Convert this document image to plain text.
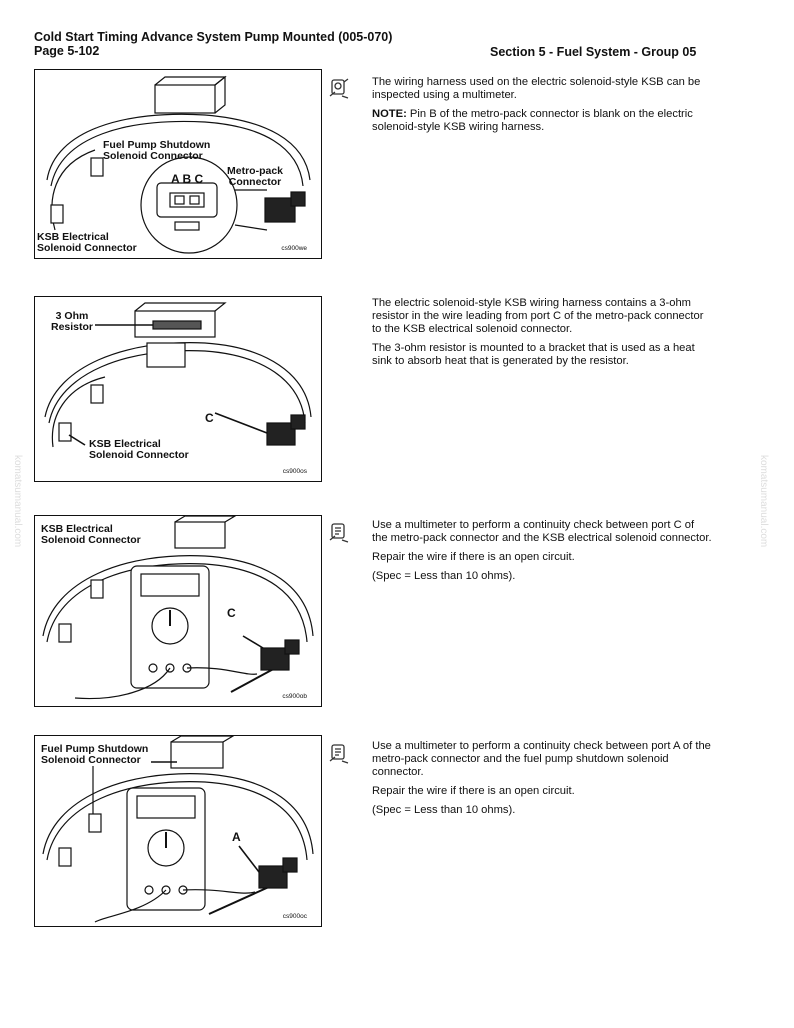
Cold Start Timing Advance System Pump Mounted (005-070)
Page 5-102	Section 5 - Fuel System - Group 05
komatsumanual.com	komatsumanual.com
Fuel Pump Shutdown
Solenoid Connector
A B C
Metro-pack
Connector
KSB Electrical
Solenoid Connector	cs900we

The wiring harness used on the electric solenoid-style KSB can be inspected using a multimeter.

NOTE: Pin B of the metro-pack connector is blank on the electric solenoid-style KSB wiring harness.

3 Ohm
Resistor
C
KSB Electrical
Solenoid Connector
cs900os

The electric solenoid-style KSB wiring harness contains a 3-ohm resistor in the wire leading from port C of the metro-pack connector to the KSB electrical solenoid connector.

The 3-ohm resistor is mounted to a bracket that is used as a heat sink to absorb heat that is generated by the resistor.

KSB Electrical
Solenoid Connector
C
cs900ob

Use a multimeter to perform a continuity check between port C of the metro-pack connector and the KSB electrical solenoid connector.

Repair the wire if there is an open circuit.

(Spec = Less than 10 ohms).

Fuel Pump Shutdown
Solenoid Connector
A
cs900oc

Use a multimeter to perform a continuity check between port A of the metro-pack connector and the fuel pump shutdown solenoid connector.

Repair the wire if there is an open circuit.

(Spec = Less than 10 ohms).
